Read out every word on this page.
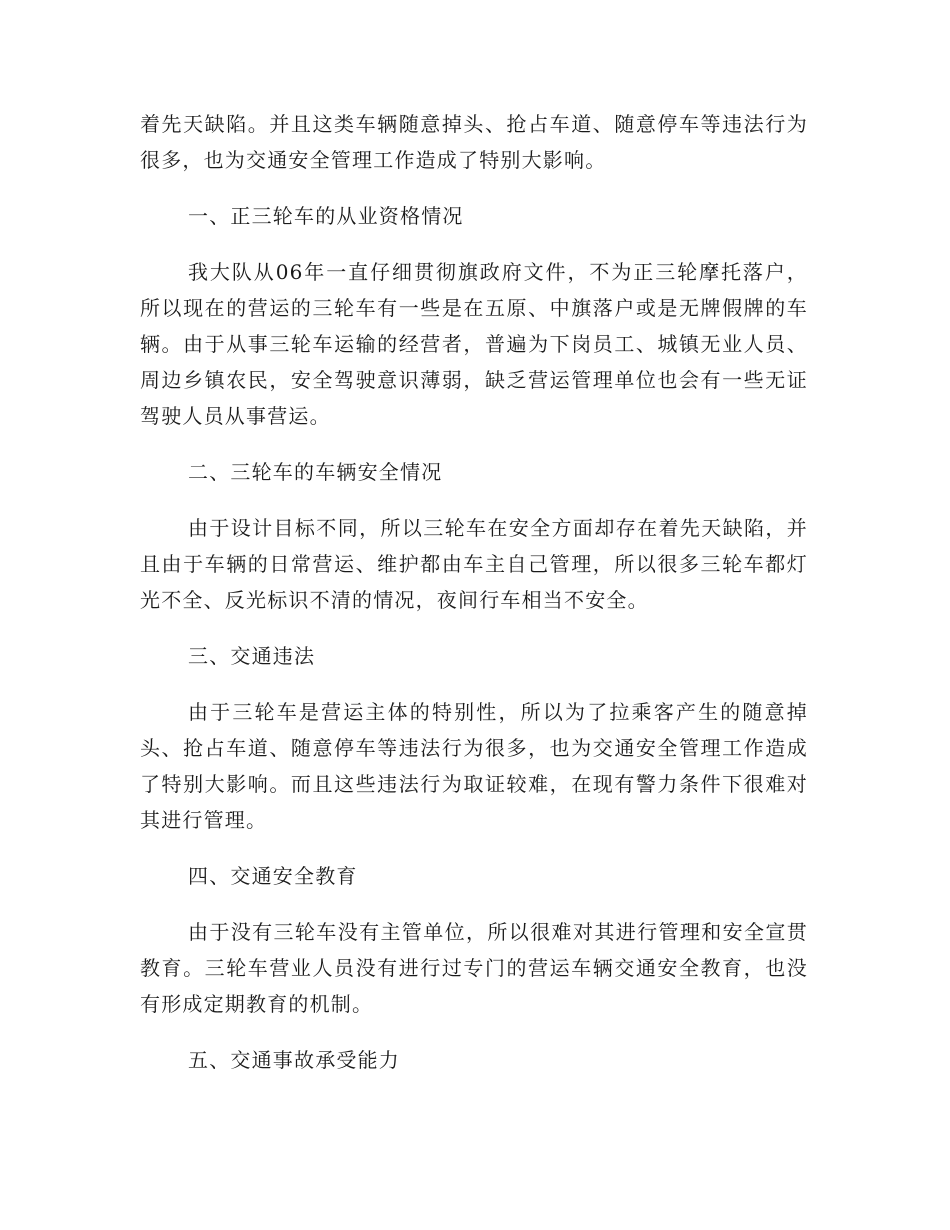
着先天缺陷。并且这类车辆随意掉头、抢占车道、随意停车等违法行为很多，也为交通安全管理工作造成了特别大影响。

一、正三轮车的从业资格情况

我大队从06年一直仔细贯彻旗政府文件，不为正三轮摩托落户，所以现在的营运的三轮车有一些是在五原、中旗落户或是无牌假牌的车辆。由于从事三轮车运输的经营者，普遍为下岗员工、城镇无业人员、周边乡镇农民，安全驾驶意识薄弱，缺乏营运管理单位也会有一些无证驾驶人员从事营运。

二、三轮车的车辆安全情况

由于设计目标不同，所以三轮车在安全方面却存在着先天缺陷，并且由于车辆的日常营运、维护都由车主自己管理，所以很多三轮车都灯光不全、反光标识不清的情况，夜间行车相当不安全。

三、交通违法

由于三轮车是营运主体的特别性，所以为了拉乘客产生的随意掉头、抢占车道、随意停车等违法行为很多，也为交通安全管理工作造成了特别大影响。而且这些违法行为取证较难，在现有警力条件下很难对其进行管理。

四、交通安全教育

由于没有三轮车没有主管单位，所以很难对其进行管理和安全宣贯教育。三轮车营业人员没有进行过专门的营运车辆交通安全教育，也没有形成定期教育的机制。

五、交通事故承受能力
